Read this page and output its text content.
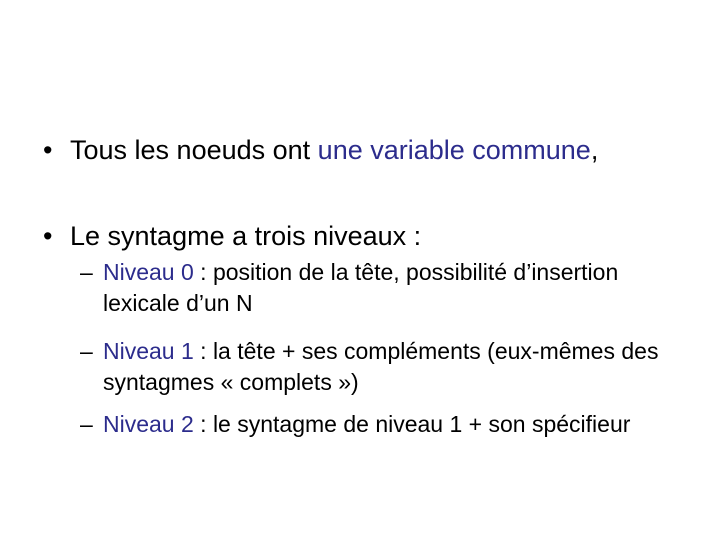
• Tous les noeuds ont une variable commune,
• Le syntagme a trois niveaux :
– Niveau 0 : position de la tête, possibilité d’insertion lexicale d’un N
– Niveau 1 : la tête + ses compléments (eux-mêmes des syntagmes « complets »)
– Niveau 2 : le syntagme de niveau 1 + son spécifieur
